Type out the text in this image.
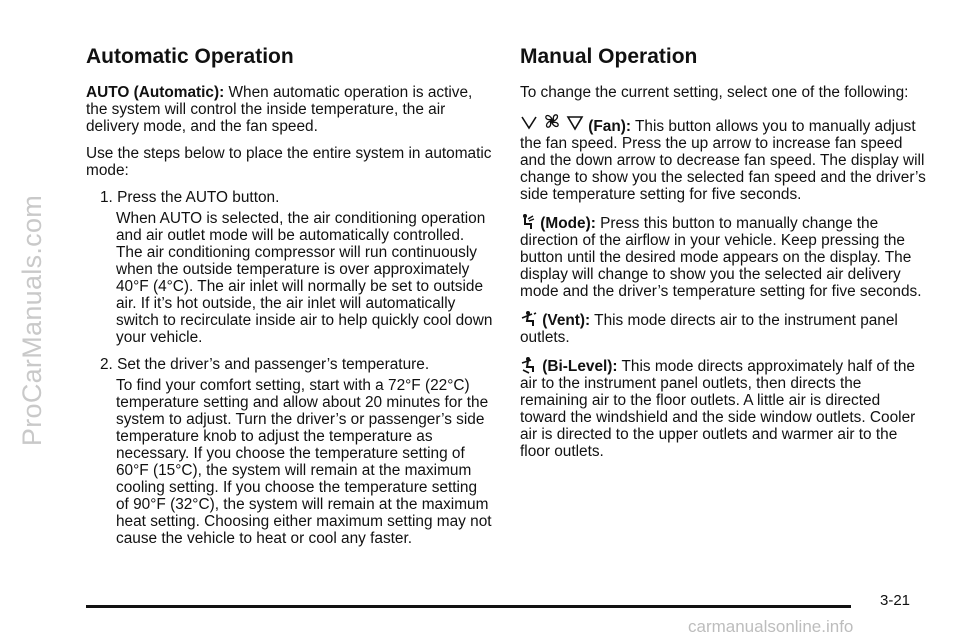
ProCarManuals.com
Automatic Operation

AUTO (Automatic): When automatic operation is active, the system will control the inside temperature, the air delivery mode, and the fan speed.

Use the steps below to place the entire system in automatic mode:

1. Press the AUTO button.

When AUTO is selected, the air conditioning operation and air outlet mode will be automatically controlled. The air conditioning compressor will run continuously when the outside temperature is over approximately 40°F (4°C). The air inlet will normally be set to outside air. If it’s hot outside, the air inlet will automatically switch to recirculate inside air to help quickly cool down your vehicle.

2. Set the driver’s and passenger’s temperature.

To find your comfort setting, start with a 72°F (22°C) temperature setting and allow about 20 minutes for the system to adjust. Turn the driver’s or passenger’s side temperature knob to adjust the temperature as necessary. If you choose the temperature setting of 60°F (15°C), the system will remain at the maximum cooling setting. If you choose the temperature setting of 90°F (32°C), the system will remain at the maximum heat setting. Choosing either maximum setting may not cause the vehicle to heat or cool any faster.

Manual Operation

To change the current setting, select one of the following:

(Fan): This button allows you to manually adjust the fan speed. Press the up arrow to increase fan speed and the down arrow to decrease fan speed. The display will change to show you the selected fan speed and the driver’s side temperature setting for five seconds.

(Mode): Press this button to manually change the direction of the airflow in your vehicle. Keep pressing the button until the desired mode appears on the display. The display will change to show you the selected air delivery mode and the driver’s temperature setting for five seconds.

(Vent): This mode directs air to the instrument panel outlets.

(Bi-Level): This mode directs approximately half of the air to the instrument panel outlets, then directs the remaining air to the floor outlets. A little air is directed toward the windshield and the side window outlets. Cooler air is directed to the upper outlets and warmer air to the floor outlets.

3-21
carmanualsonline.info
